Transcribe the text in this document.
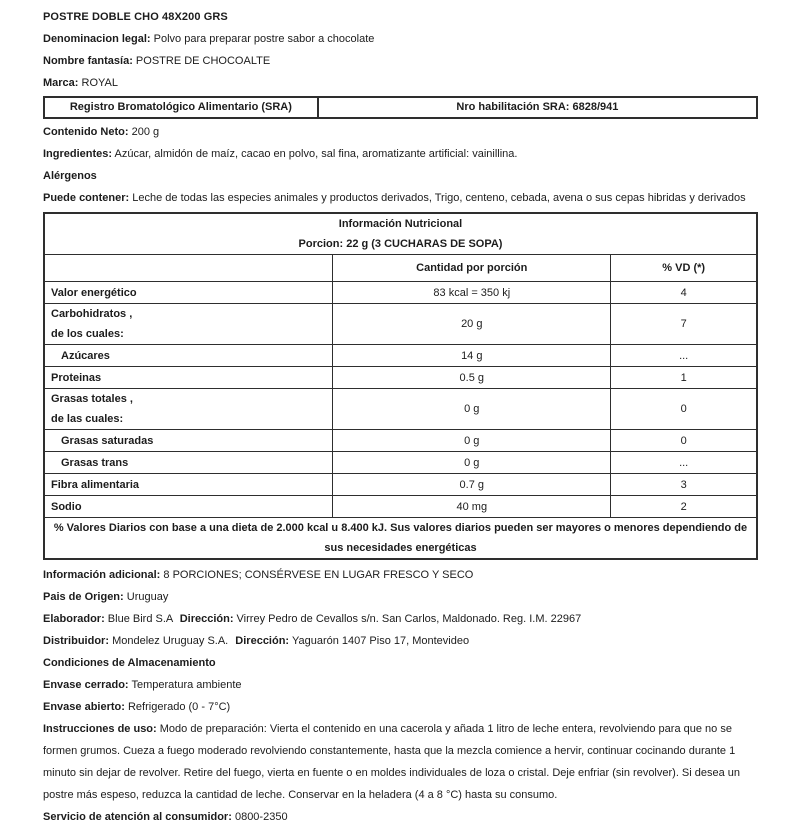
POSTRE DOBLE CHO 48X200 GRS

Denominacion legal: Polvo para preparar postre sabor a chocolate

Nombre fantasía: POSTRE DE CHOCOALTE

Marca: ROYAL

Registro Bromatológico Alimentario (SRA)	Nro habilitación SRA: 6828/941

Contenido Neto: 200 g

Ingredientes: Azúcar, almidón de maíz, cacao en polvo, sal fina, aromatizante artificial: vainillina.

Alérgenos

Puede contener: Leche de todas las especies animales y productos derivados, Trigo, centeno, cebada, avena o sus cepas hibridas y derivados

Información Nutricional
Porcion: 22 g (3 CUCHARAS DE SOPA)		

	Cantidad por porción	% VD (*)

Valor energético	83 kcal = 350 kj	4

Carbohidratos ,
de los cuales:	20 g	7

Azúcares	14 g	...

Proteinas	0.5 g	1

Grasas totales ,
de las cuales:	0 g	0

Grasas saturadas	0 g	0

Grasas trans	0 g	...

Fibra alimentaria	0.7 g	3

Sodio	40 mg	2
% Valores Diarios con base a una dieta de 2.000 kcal u 8.400 kJ. Sus valores diarios pueden ser mayores o menores dependiendo de sus necesidades energéticas		

Información adicional: 8 PORCIONES; CONSÉRVESE EN LUGAR FRESCO Y SECO

Pais de Origen: Uruguay

Elaborador: Blue Bird S.A Dirección: Virrey Pedro de Cevallos s/n. San Carlos, Maldonado. Reg. I.M. 22967

Distribuidor: Mondelez Uruguay S.A. Dirección: Yaguarón 1407 Piso 17, Montevideo

Condiciones de Almacenamiento

Envase cerrado: Temperatura ambiente

Envase abierto: Refrigerado (0 - 7°C)

Instrucciones de uso: Modo de preparación: Vierta el contenido en una cacerola y añada 1 litro de leche entera, revolviendo para que no se formen grumos. Cueza a fuego moderado revolviendo constantemente, hasta que la mezcla comience a hervir, continuar cocinando durante 1 minuto sin dejar de revolver. Retire del fuego, vierta en fuente o en moldes individuales de loza o cristal. Deje enfriar (sin revolver). Si desea un postre más espeso, reduzca la cantidad de leche. Conservar en la heladera (4 a 8 °C) hasta su consumo.

Servicio de atención al consumidor: 0800-2350
